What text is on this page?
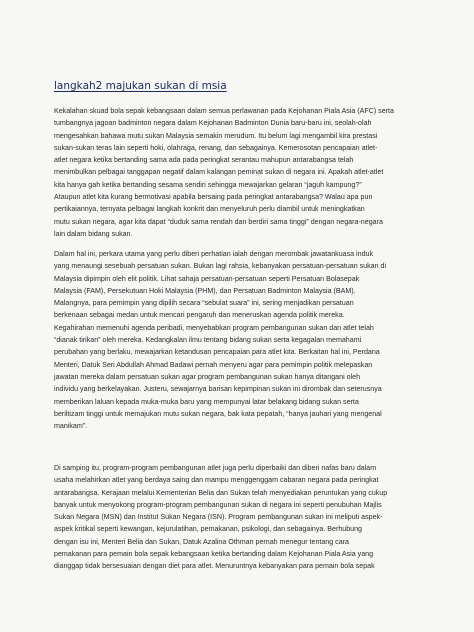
langkah2 majukan sukan di msia
Kekalahan skuad bola sepak kebangsaan dalam semua perlawanan pada Kejohanan Piala Asia (AFC) serta
tumbangnya jagoan badminton negara dalam Kejohanan Badminton Dunia baru-baru ini, seolah-olah
mengesahkan bahawa mutu sukan Malaysia semakin merudum. Itu belum lagi mengambil kira prestasi
sukan-sukan teras lain seperti hoki, olahraga, renang, dan sebagainya. Kemerosotan pencapaian atlet-
atlet negara ketika bertanding sama ada pada peringkat serantau mahupun antarabangsa telah
menimbulkan pelbagai tanggapan negatif dalam kalangan peminat sukan di negara ini. Apakah atlet-atlet
kita hanya gah ketika bertanding sesama sendiri sehingga mewajarkan gelaran “jaguh kampung?”
Ataupun atlet kita kurang bermotivasi apabila bersaing pada peringkat antarabangsa? Walau apa pun
pertikaiannya, ternyata pelbagai langkah konkrit dan menyeluruh perlu diambil untuk meningkatkan
mutu sukan negara, agar kita dapat “duduk sama rendah dan berdiri sama tinggi” dengan negara-negara
lain dalam bidang sukan.
Dalam hal ini, perkara utama yang perlu diberi perhatian ialah dengan merombak jawatankuasa induk
yang menaungi sesebuah persatuan sukan. Bukan lagi rahsia, kebanyakan persatuan-persatuan sukan di
Malaysia dipimpin oleh elit politik. Lihat sahaja persatuan-persatuan seperti Persatuan Bolasepak
Malaysia (FAM), Persekutuan Hoki Malaysia (PHM), dan Persatuan Badminton Malaysia (BAM).
Malangnya, para pemimpin yang dipilih secara “sebulat suara” ini, sering menjadikan persatuan
berkenaan sebagai medan untuk mencari pengaruh dan meneruskan agenda politik mereka.
Kegahirahan memenuhi agenda peribadi, menyebabkan program pembangunan sukan dan atlet telah
“dianak tirikan” oleh mereka. Kedangkalan ilmu tentang bidang sukan serta kegagalan memahami
perubahan yang berlaku, mewajarkan ketandusan pencapaian para atlet kita. Berkaitan hal ini, Perdana
Menteri, Datuk Seri Abdullah Ahmad Badawi pernah menyeru agar para pemimpin politik melepaskan
jawatan mereka dalam persatuan sukan agar program pembangunan sukan hanya ditangani oleh
individu yang berkelayakan. Justeru, sewajarnya barisan kepimpinan sukan ini dirombak dan seterusnya
memberikan laluan kepada muka-muka baru yang mempunyai latar belakang bidang sukan serta
beriltizam tinggi untuk memajukan mutu sukan negara, bak kata pepatah, “hanya jauhari yang mengenal
manikam”.
Di samping itu, program-program pembangunan atlet juga perlu diperbaiki dan diberi nafas baru dalam
usaha melahirkan atlet yang berdaya saing dan mampu menggenggam cabaran negara pada peringkat
antarabangsa. Kerajaan melalui Kementerian Belia dan Sukan telah menyediakan peruntukan yang cukup
banyak untuk menyokong program-program pembangunan sukan di negara ini seperti penubuhan Majlis
Sukan Negara (MSN) dan Institut Sukan Negara (ISN). Program pembangunan sukan ini meliputi aspek-
aspek kritikal seperti kewangan, kejurulatihan, pemakanan, psikologi, dan sebagainya. Berhubung
dengan isu ini, Menteri Belia dan Sukan, Datuk Azalina Othman pernah menegur tentang cara
pemakanan para pemain bola sepak kebangsaan ketika bertanding dalam Kejohanan Piala Asia yang
dianggap tidak bersesuaian dengan diet para atlet. Menuruntnya kebanyakan para pemain bola sepak
